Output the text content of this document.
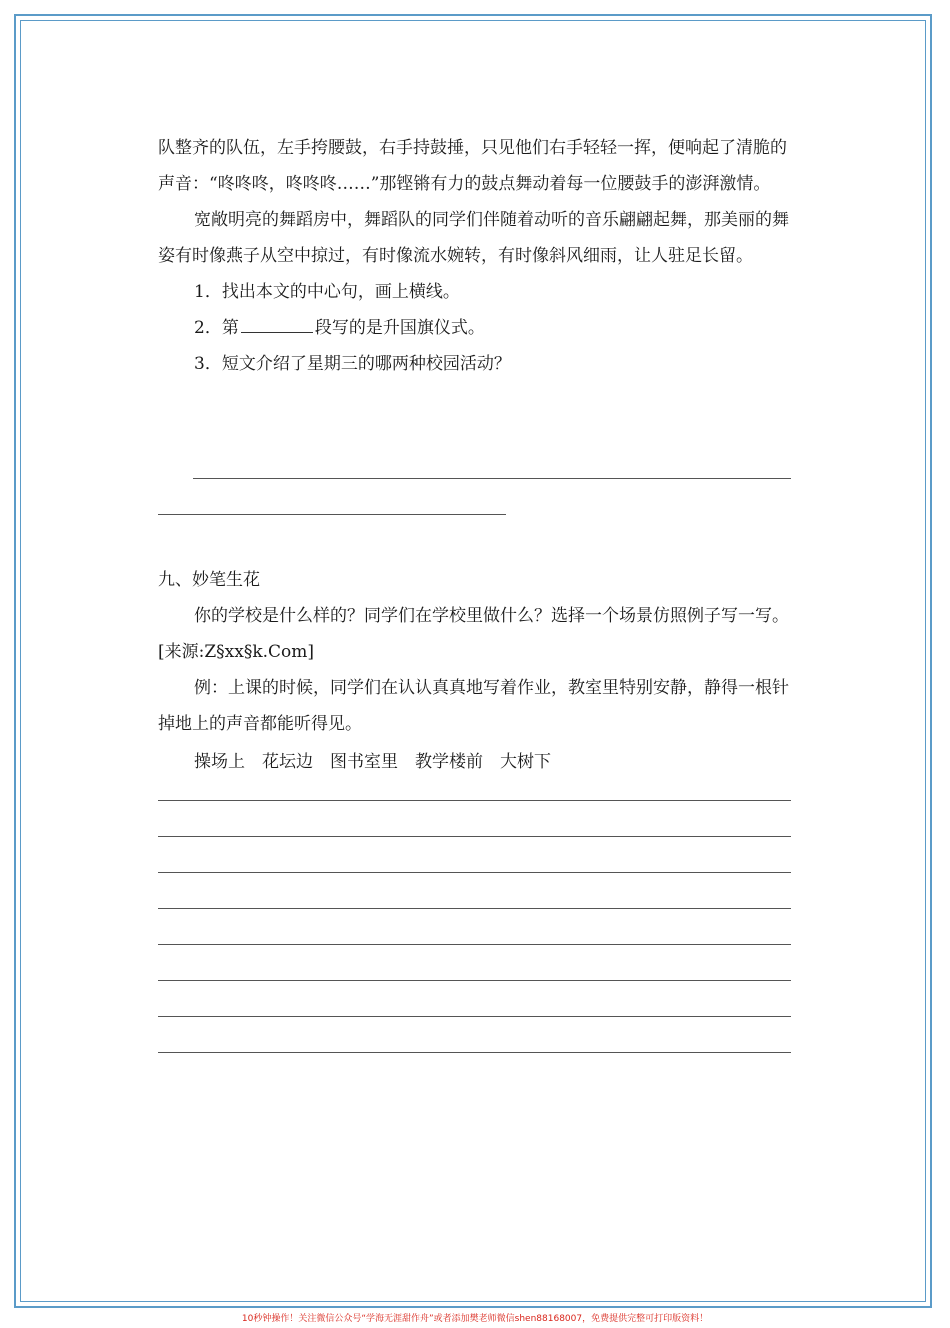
队整齐的队伍，左手挎腰鼓，右手持鼓捶，只见他们右手轻轻一挥，便响起了清脆的声音：“咚咚咚，咚咚咚……”那铿锵有力的鼓点舞动着每一位腰鼓手的澎湃激情。

宽敞明亮的舞蹈房中，舞蹈队的同学们伴随着动听的音乐翩翩起舞，那美丽的舞姿有时像燕子从空中掠过，有时像流水婉转，有时像斜风细雨，让人驻足长留。

1．找出本文的中心句，画上横线。

2．第	段写的是升国旗仪式。

3．短文介绍了星期三的哪两种校园活动？

九、妙笔生花

你的学校是什么样的？同学们在学校里做什么？选择一个场景仿照例子写一写。[来源:Z§xx§k.Com]

例：上课的时候，同学们在认认真真地写着作业，教室里特别安静，静得一根针掉地上的声音都能听得见。

操场上　花坛边　图书室里　教学楼前　大树下

10秒钟操作！关注微信公众号“学海无涯甜作舟”或者添加樊老师微信shen88168007，免费提供完整可打印版资料！
